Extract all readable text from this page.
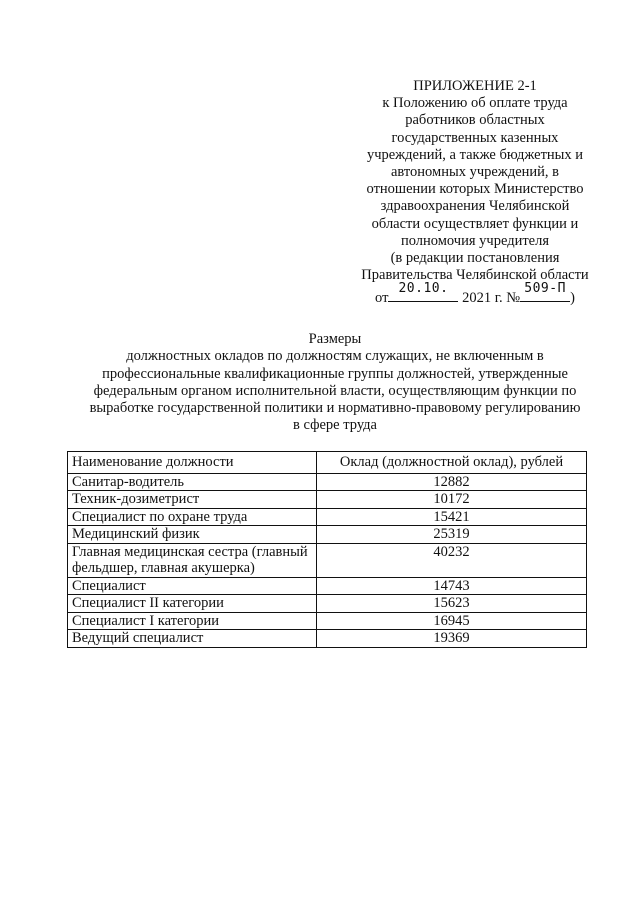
ПРИЛОЖЕНИЕ 2-1
к Положению об оплате труда
работников областных
государственных казенных
учреждений, а также бюджетных и
автономных учреждений, в
отношении которых Министерство
здравоохранения Челябинской
области осуществляет функции и
полномочия учредителя
(в редакции постановления
Правительства Челябинской области
от
20.10.
2021 г. №
509-П
)
Размеры
должностных окладов по должностям служащих, не включенным в
профессиональные квалификационные группы должностей, утвержденные
федеральным органом исполнительной власти, осуществляющим функции по
выработке государственной политики и нормативно-правовому регулированию
в сфере труда
Наименование должности	Оклад (должностной оклад), рублей
Санитар-водитель	12882
Техник-дозиметрист	10172
Специалист по охране труда	15421
Медицинский физик	25319
Главная медицинская сестра (главный фельдшер, главная акушерка)	40232
Специалист	14743
Специалист II категории	15623
Специалист I категории	16945
Ведущий специалист	19369
